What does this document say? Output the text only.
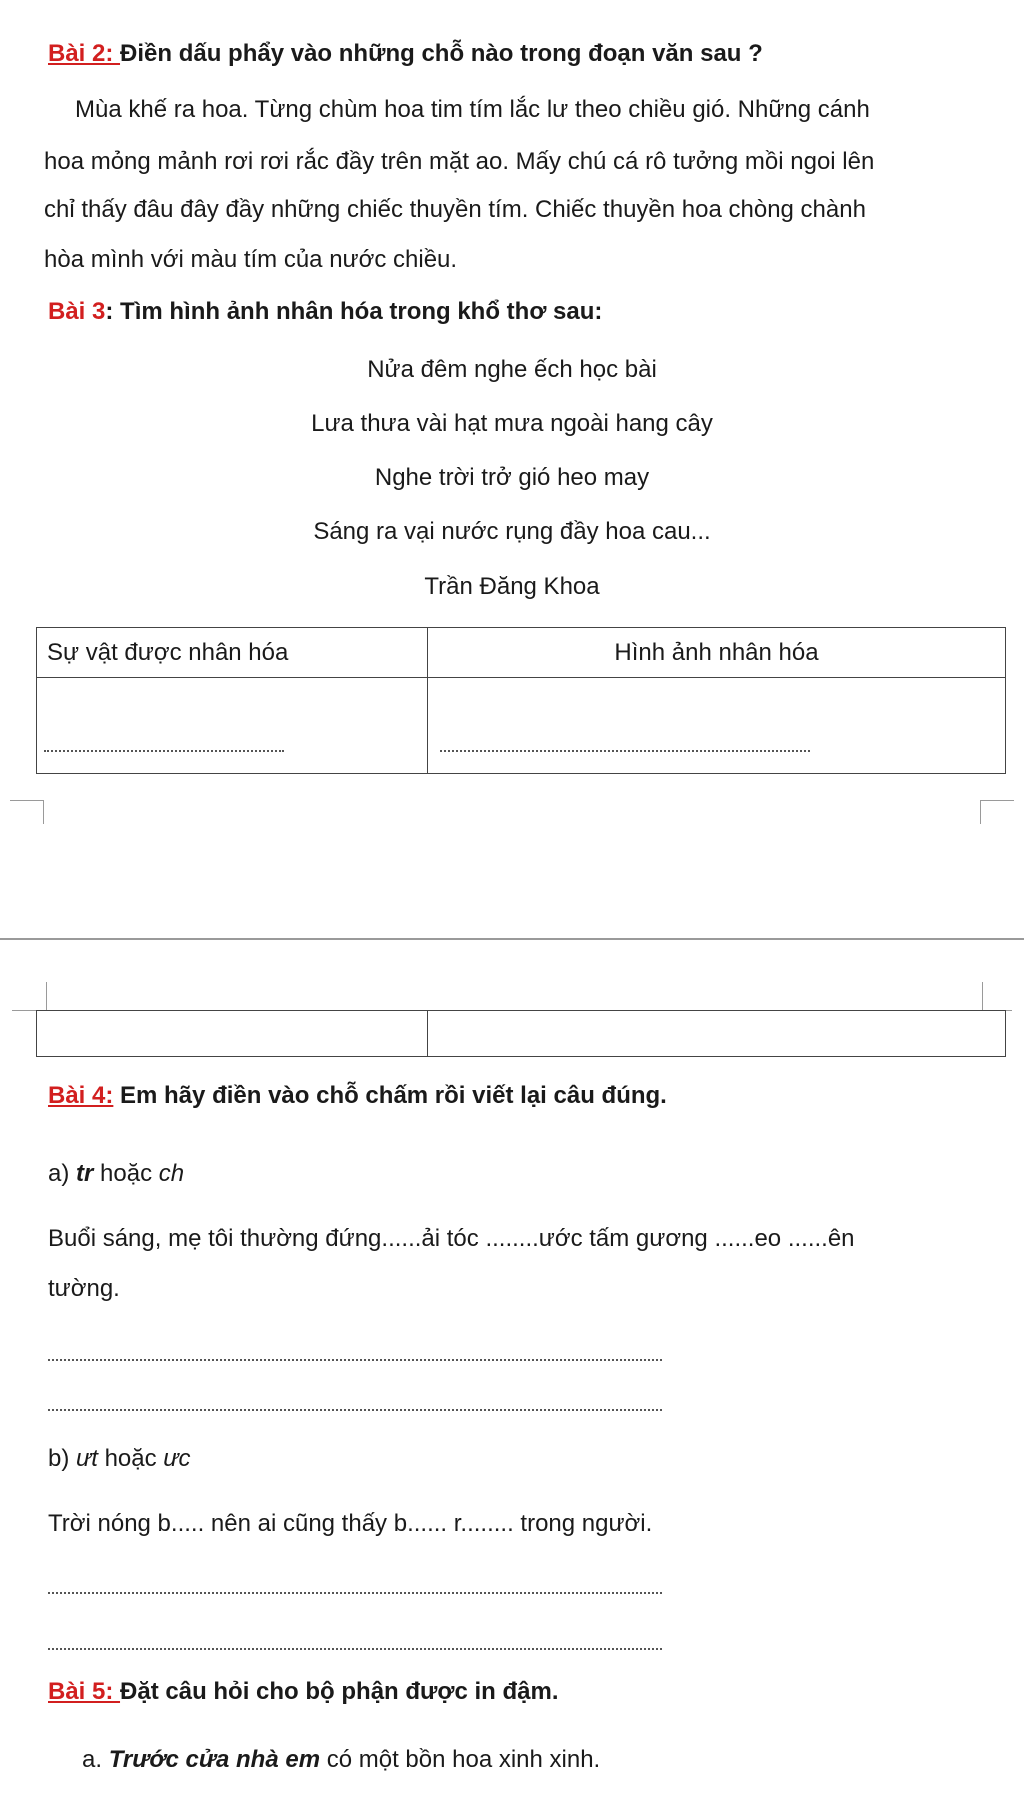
Bài 2: Điền dấu phẩy vào những chỗ nào trong đoạn văn sau ?
Mùa khế ra hoa. Từng chùm hoa tim tím lắc lư theo chiều gió. Những cánh
hoa mỏng mảnh rơi rơi rắc đầy trên mặt ao. Mấy chú cá rô tưởng mồi ngoi lên
chỉ thấy đâu đây đầy những chiếc thuyền tím. Chiếc thuyền hoa chòng chành
hòa mình với màu tím của nước chiều.
Bài 3: Tìm hình ảnh nhân hóa trong khổ thơ sau:
Nửa đêm nghe ếch học bài
Lưa thưa vài hạt mưa ngoài hang cây
Nghe trời trở gió heo may
Sáng ra vại nước rụng đầy hoa cau...
Trần Đăng Khoa
Sự vật được nhân hóa	Hình ảnh nhân hóa

Bài 4: Em hãy điền vào chỗ chấm rồi viết lại câu đúng.
a) tr hoặc ch
Buổi sáng, mẹ tôi thường đứng......ải tóc ........ước tấm gương ......eo ......ên
tường.
b) ưt hoặc ưc
Trời nóng b..... nên ai cũng thấy b...... r........ trong người.
Bài 5: Đặt câu hỏi cho bộ phận được in đậm.
a. Trước cửa nhà em có một bồn hoa xinh xinh.
